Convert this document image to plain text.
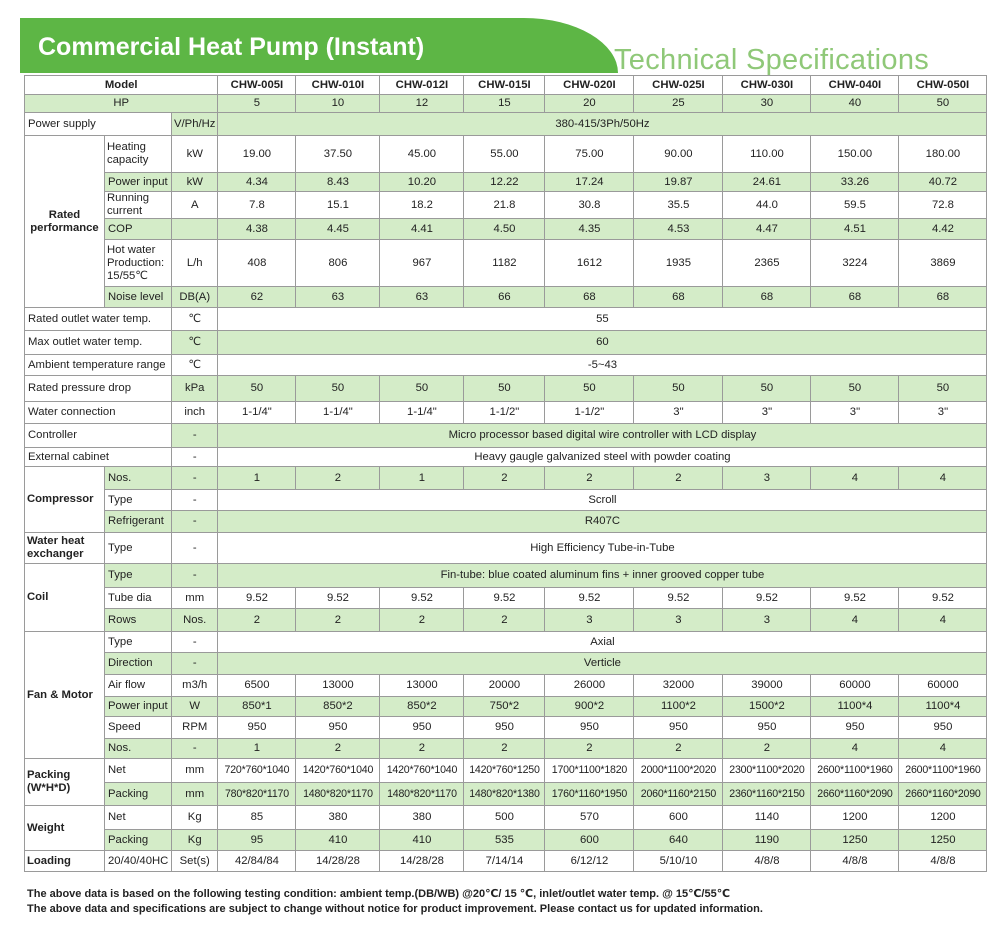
Commercial Heat Pump (Instant)	Technical Specifications
Model			CHW-005I	CHW-010I	CHW-012I	CHW-015I	CHW-020I	CHW-025I	CHW-030I	CHW-040I	CHW-050I
HP			5	10	12	15	20	25	30	40	50
Power supply		V/Ph/Hz	380-415/3Ph/50Hz								
Rated performance	Heating capacity	kW	19.00	37.50	45.00	55.00	75.00	90.00	110.00	150.00	180.00
	Power input	kW	4.34	8.43	10.20	12.22	17.24	19.87	24.61	33.26	40.72
	Running current	A	7.8	15.1	18.2	21.8	30.8	35.5	44.0	59.5	72.8
	COP		4.38	4.45	4.41	4.50	4.35	4.53	4.47	4.51	4.42
	Hot water Production: 15/55℃	L/h	408	806	967	1182	1612	1935	2365	3224	3869
	Noise level	DB(A)	62	63	63	66	68	68	68	68	68
Rated outlet water temp.		℃	55								
Max outlet water temp.		℃	60								
Ambient temperature range		℃	-5~43								
Rated pressure drop		kPa	50	50	50	50	50	50	50	50	50
Water connection		inch	1-1/4"	1-1/4"	1-1/4"	1-1/2"	1-1/2"	3"	3"	3"	3"
Controller		-	Micro processor based digital wire controller with LCD display								
External cabinet		-	Heavy gaugle galvanized steel with powder coating								
Compressor	Nos.	-	1	2	1	2	2	2	3	4	4
	Type	-	Scroll								
	Refrigerant	-	R407C								
Water heat exchanger	Type	-	High Efficiency Tube-in-Tube								
Coil	Type	-	Fin-tube: blue coated aluminum fins + inner grooved copper tube								
	Tube dia	mm	9.52	9.52	9.52	9.52	9.52	9.52	9.52	9.52	9.52
	Rows	Nos.	2	2	2	2	3	3	3	4	4
Fan & Motor	Type	-	Axial								
	Direction	-	Verticle								
	Air flow	m3/h	6500	13000	13000	20000	26000	32000	39000	60000	60000
	Power input	W	850*1	850*2	850*2	750*2	900*2	1100*2	1500*2	1100*4	1100*4
	Speed	RPM	950	950	950	950	950	950	950	950	950
	Nos.	-	1	2	2	2	2	2	2	4	4
Packing (W*H*D)	Net	mm	720*760*1040	1420*760*1040	1420*760*1040	1420*760*1250	1700*1100*1820	2000*1100*2020	2300*1100*2020	2600*1100*1960	2600*1100*1960
	Packing	mm	780*820*1170	1480*820*1170	1480*820*1170	1480*820*1380	1760*1160*1950	2060*1160*2150	2360*1160*2150	2660*1160*2090	2660*1160*2090
Weight	Net	Kg	85	380	380	500	570	600	1140	1200	1200
	Packing	Kg	95	410	410	535	600	640	1190	1250	1250
Loading	20/40/40HC	Set(s)	42/84/84	14/28/28	14/28/28	7/14/14	6/12/12	5/10/10	4/8/8	4/8/8	4/8/8
The above data is based on the following testing condition: ambient temp.(DB/WB) @20℃/ 15 ℃, inlet/outlet water temp. @ 15℃/55℃
The above data and specifications are subject to change without notice for product improvement. Please contact us for updated information.
